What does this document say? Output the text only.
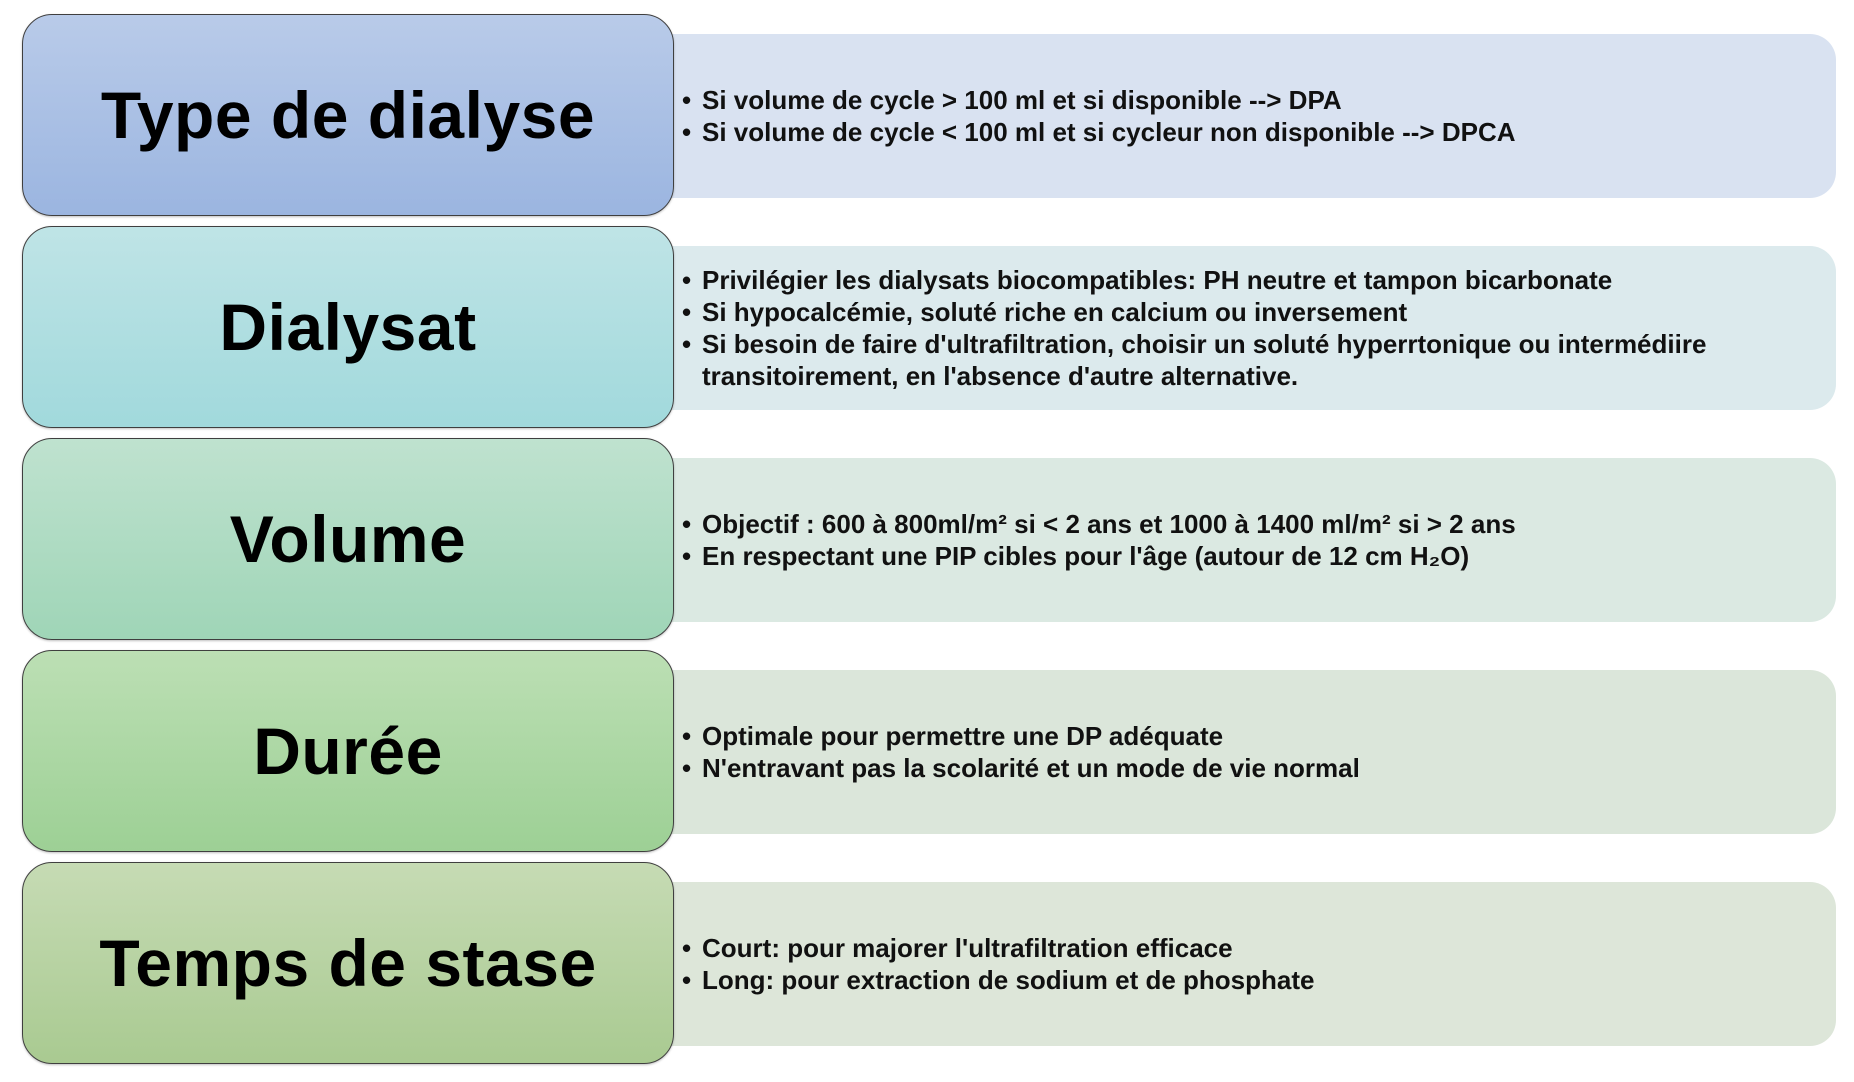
• Si volume de cycle > 100 ml et si disponible --> DPA
• Si volume de cycle < 100 ml et si cycleur non disponible --> DPCA
Type de dialyse
• Privilégier les dialysats biocompatibles: PH neutre et tampon bicarbonate
• Si hypocalcémie, soluté riche en calcium ou inversement
• Si besoin de faire d'ultrafiltration, choisir un soluté hyperrtonique ou intermédiire transitoirement, en l'absence d'autre alternative.
Dialysat
• Objectif : 600 à 800ml/m² si < 2 ans et 1000 à 1400 ml/m² si > 2 ans
• En respectant une PIP cibles pour l'âge (autour de 12 cm H₂O)
Volume
• Optimale pour permettre une DP adéquate
• N'entravant pas la scolarité et un mode de vie normal
Durée
• Court: pour majorer l'ultrafiltration efficace
• Long: pour extraction de sodium et de phosphate
Temps de stase
